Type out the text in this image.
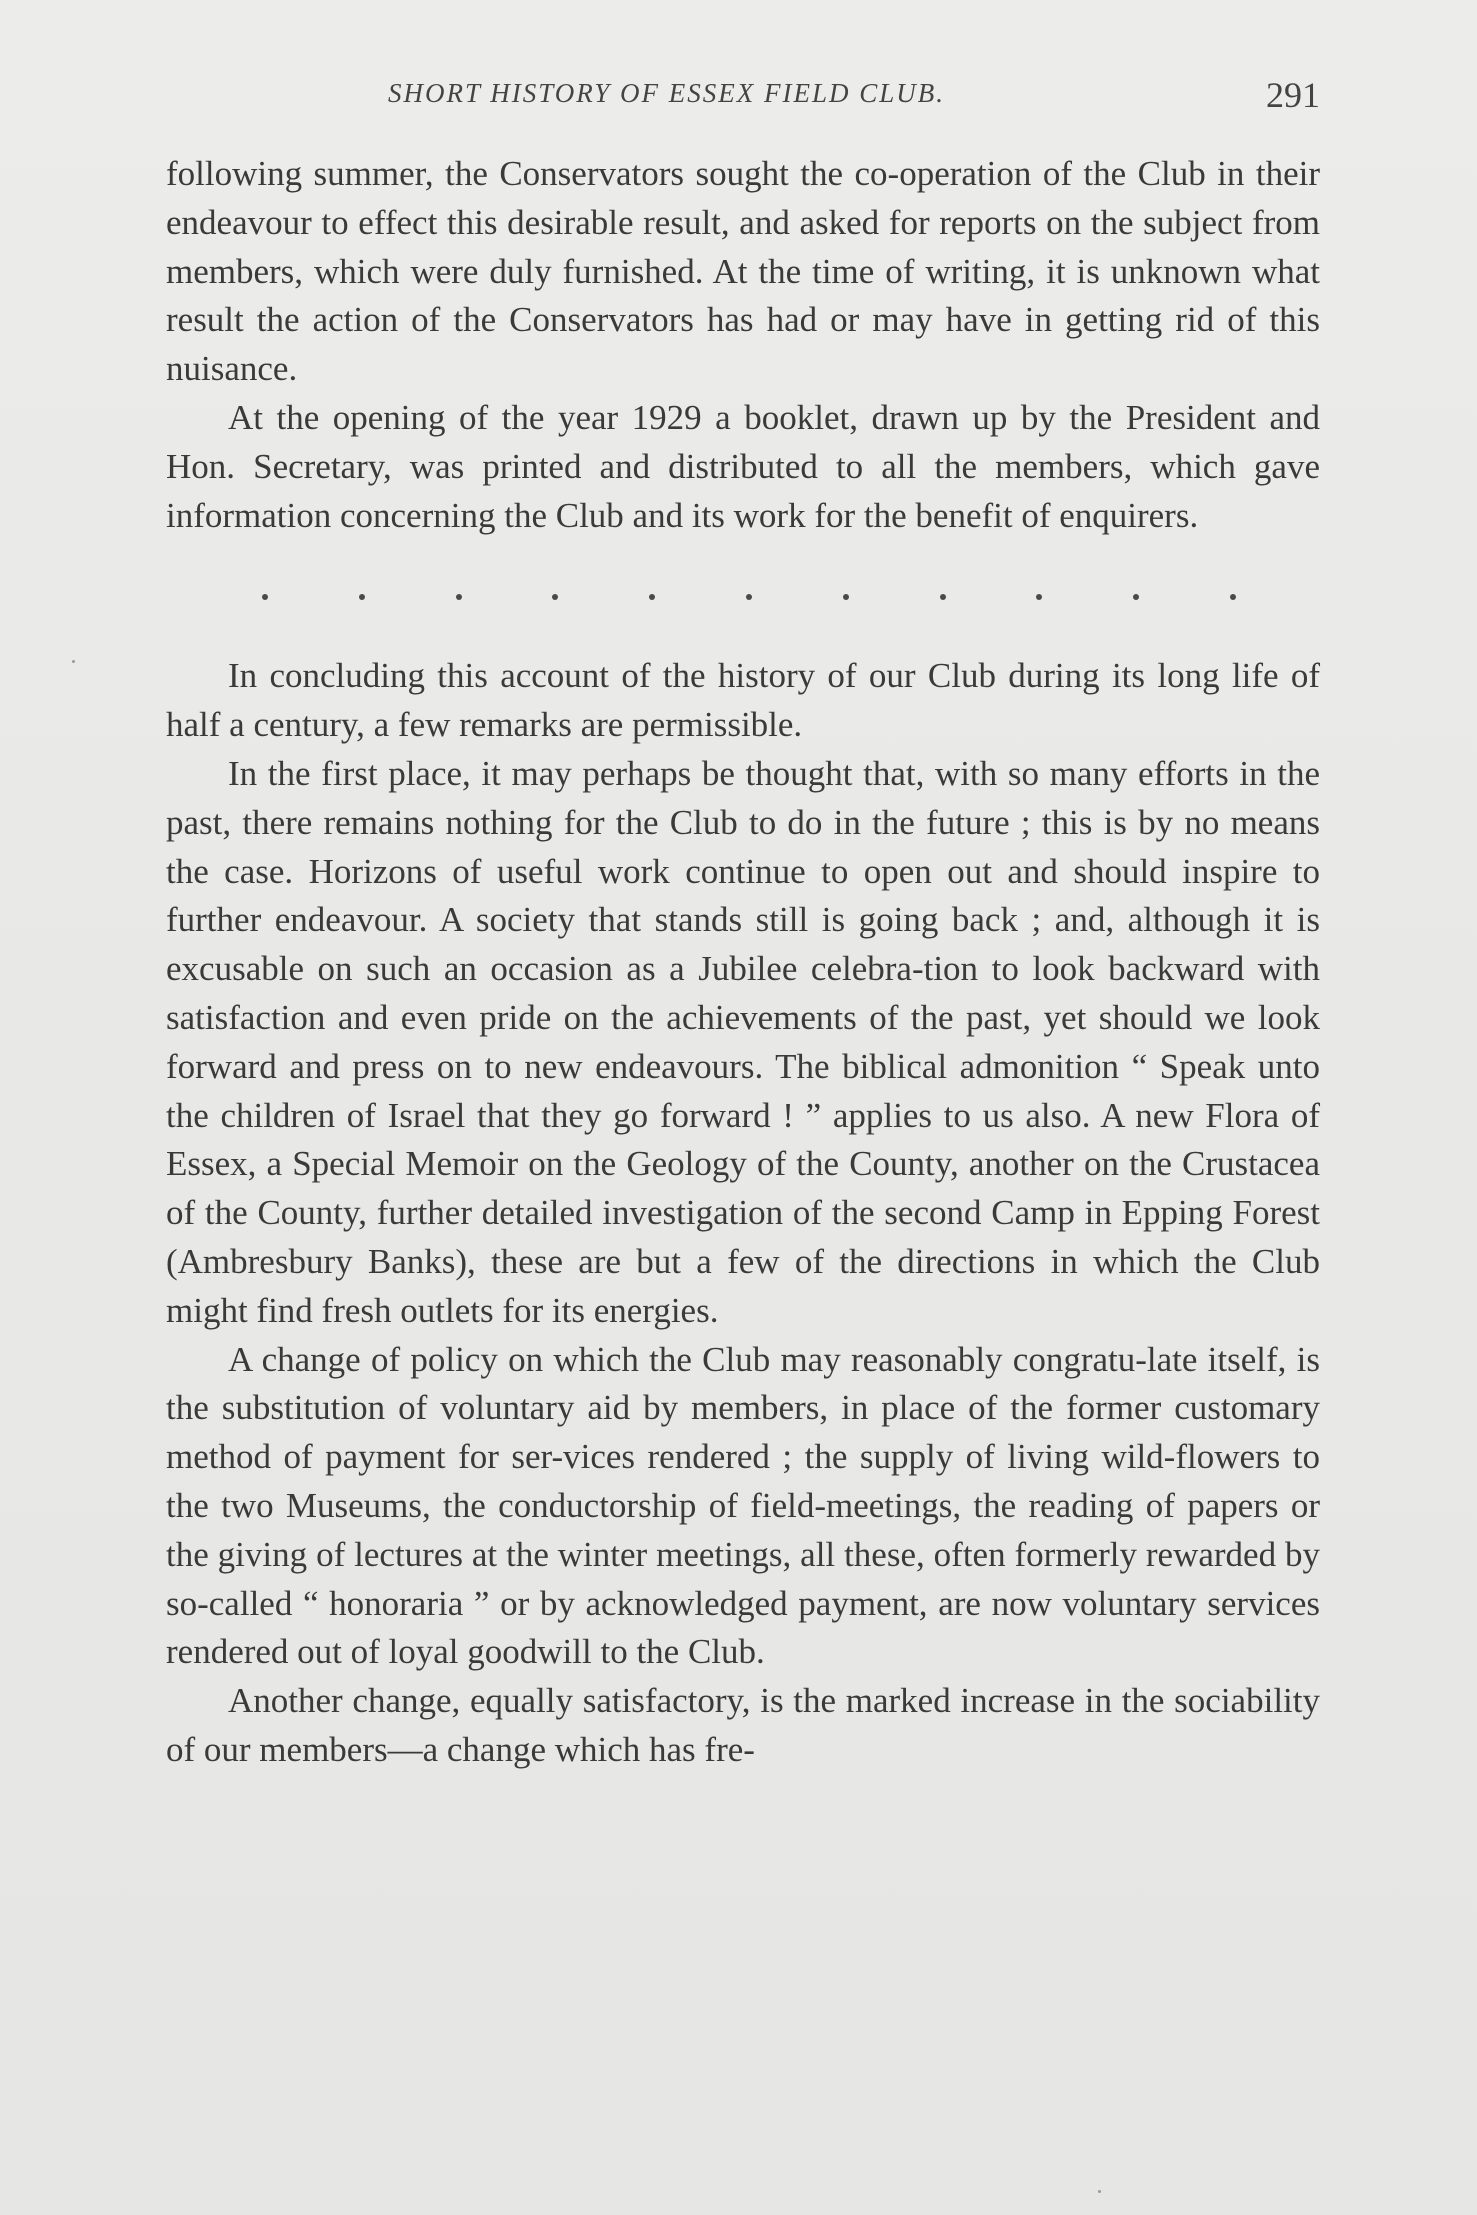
SHORT HISTORY OF ESSEX FIELD CLUB.	291

following summer, the Conservators sought the co-operation of the Club in their endeavour to effect this desirable result, and asked for reports on the subject from members, which were duly furnished. At the time of writing, it is unknown what result the action of the Conservators has had or may have in getting rid of this nuisance.

At the opening of the year 1929 a booklet, drawn up by the President and Hon. Secretary, was printed and distributed to all the members, which gave information concerning the Club and its work for the benefit of enquirers.

In concluding this account of the history of our Club during its long life of half a century, a few remarks are permissible.

In the first place, it may perhaps be thought that, with so many efforts in the past, there remains nothing for the Club to do in the future ; this is by no means the case. Horizons of useful work continue to open out and should inspire to further endeavour. A society that stands still is going back ; and, although it is excusable on such an occasion as a Jubilee celebra-tion to look backward with satisfaction and even pride on the achievements of the past, yet should we look forward and press on to new endeavours. The biblical admonition “ Speak unto the children of Israel that they go forward ! ” applies to us also. A new Flora of Essex, a Special Memoir on the Geology of the County, another on the Crustacea of the County, further detailed investigation of the second Camp in Epping Forest (Ambresbury Banks), these are but a few of the directions in which the Club might find fresh outlets for its energies.

A change of policy on which the Club may reasonably congratu-late itself, is the substitution of voluntary aid by members, in place of the former customary method of payment for ser-vices rendered ; the supply of living wild-flowers to the two Museums, the conductorship of field-meetings, the reading of papers or the giving of lectures at the winter meetings, all these, often formerly rewarded by so-called “ honoraria ” or by acknowledged payment, are now voluntary services rendered out of loyal goodwill to the Club.

Another change, equally satisfactory, is the marked increase in the sociability of our members—a change which has fre-
